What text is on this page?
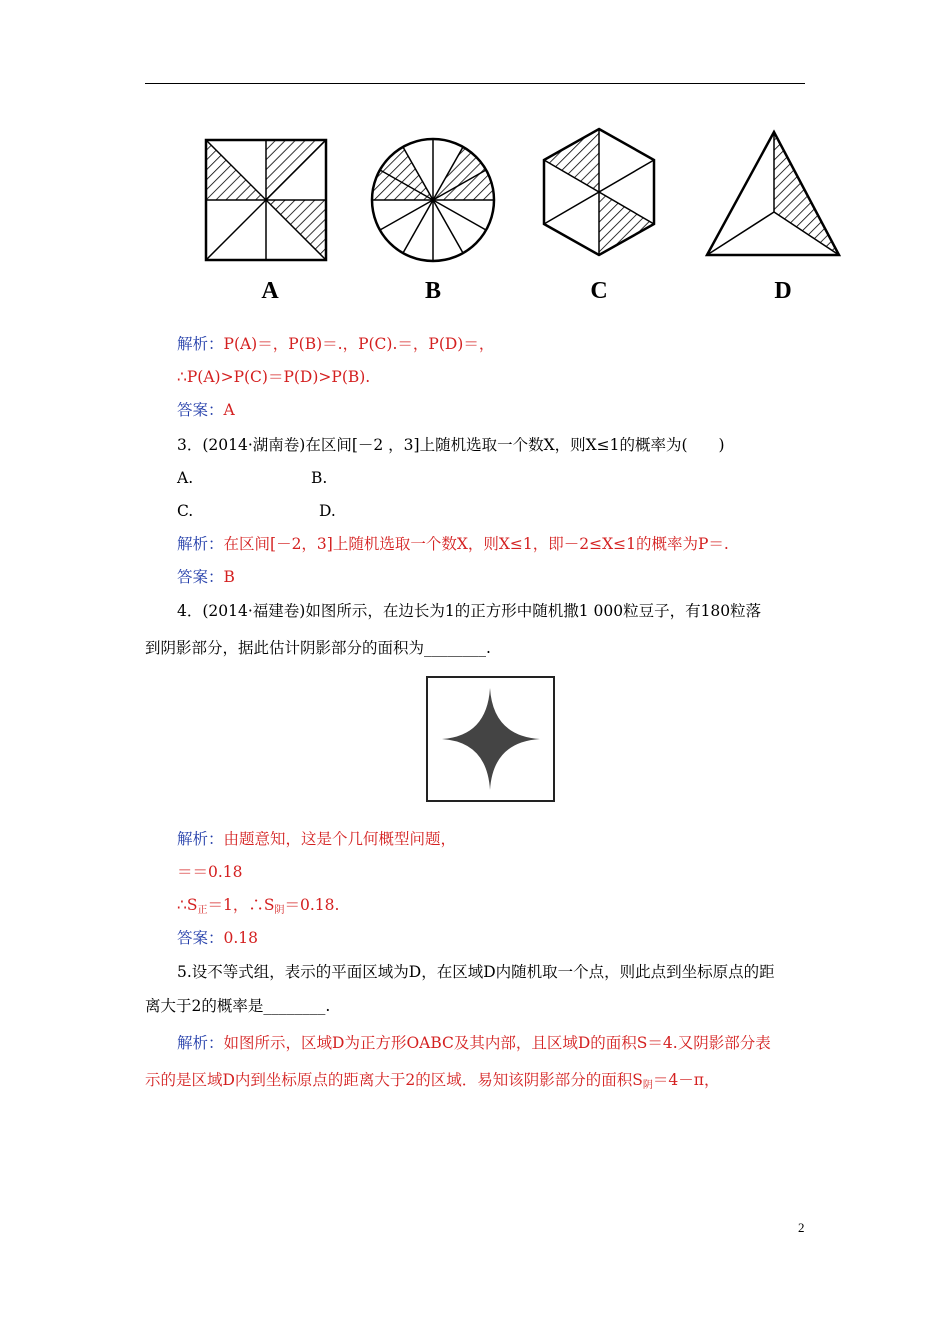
A	B	C	D
解析：P(A)＝，P(B)＝.，P(C).＝，P(D)＝，
∴P(A)>P(C)＝P(D)>P(B).
答案：A
3．(2014·湖南卷)在区间[－2 ，3]上随机选取一个数X，则X≤1的概率为(　　)
A.	B.
C.	D.
解析：在区间[－2，3]上随机选取一个数X，则X≤1，即－2≤X≤1的概率为P＝.
答案：B
4．(2014·福建卷)如图所示，在边长为1的正方形中随机撒1 000粒豆子，有180粒落
到阴影部分，据此估计阴影部分的面积为________.
解析：由题意知，这是个几何概型问题，
＝＝0.18
∴S正＝1，∴S阴＝0.18.
答案：0.18
5.设不等式组，表示的平面区域为D，在区域D内随机取一个点，则此点到坐标原点的距
离大于2的概率是________.
解析：如图所示，区域D为正方形OABC及其内部，且区域D的面积S＝4.又阴影部分表
示的是区域D内到坐标原点的距离大于2的区域．易知该阴影部分的面积S阴＝4－π，
2
